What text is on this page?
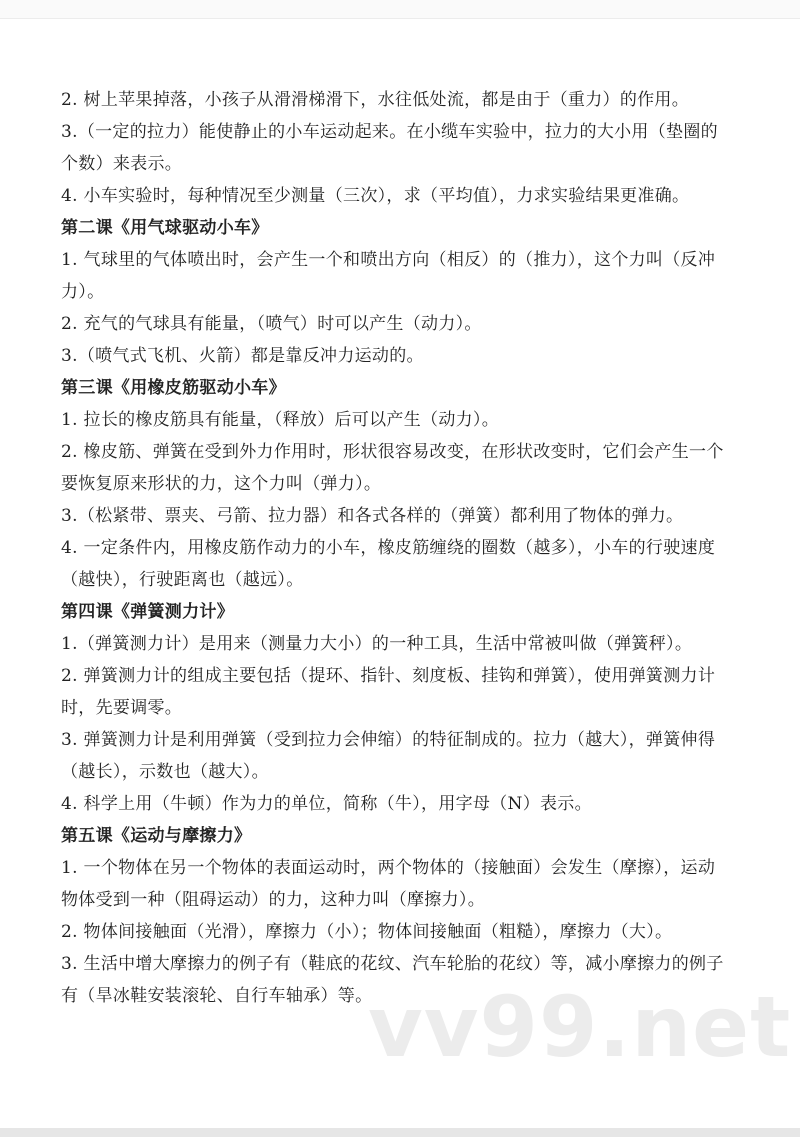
2. 树上苹果掉落，小孩子从滑滑梯滑下，水往低处流，都是由于（重力）的作用。
3.（一定的拉力）能使静止的小车运动起来。在小缆车实验中，拉力的大小用（垫圈的
个数）来表示。
4. 小车实验时，每种情况至少测量（三次），求（平均值），力求实验结果更准确。
第二课《用气球驱动小车》
1. 气球里的气体喷出时，会产生一个和喷出方向（相反）的（推力），这个力叫（反冲
力）。
2. 充气的气球具有能量，（喷气）时可以产生（动力）。
3.（喷气式飞机、火箭）都是靠反冲力运动的。
第三课《用橡皮筋驱动小车》
1. 拉长的橡皮筋具有能量，（释放）后可以产生（动力）。
2. 橡皮筋、弹簧在受到外力作用时，形状很容易改变，在形状改变时，它们会产生一个
要恢复原来形状的力，这个力叫（弹力）。
3.（松紧带、票夹、弓箭、拉力器）和各式各样的（弹簧）都利用了物体的弹力。
4. 一定条件内，用橡皮筋作动力的小车，橡皮筋缠绕的圈数（越多），小车的行驶速度
（越快），行驶距离也（越远）。
第四课《弹簧测力计》
1.（弹簧测力计）是用来（测量力大小）的一种工具，生活中常被叫做（弹簧秤）。
2. 弹簧测力计的组成主要包括（提环、指针、刻度板、挂钩和弹簧），使用弹簧测力计
时，先要调零。
3. 弹簧测力计是利用弹簧（受到拉力会伸缩）的特征制成的。拉力（越大），弹簧伸得
（越长），示数也（越大）。
4. 科学上用（牛顿）作为力的单位，简称（牛），用字母（N）表示。
第五课《运动与摩擦力》
1. 一个物体在另一个物体的表面运动时，两个物体的（接触面）会发生（摩擦），运动
物体受到一种（阻碍运动）的力，这种力叫（摩擦力）。
2. 物体间接触面（光滑），摩擦力（小）；物体间接触面（粗糙），摩擦力（大）。
3. 生活中增大摩擦力的例子有（鞋底的花纹、汽车轮胎的花纹）等，减小摩擦力的例子
有（旱冰鞋安装滚轮、自行车轴承）等。
vv99.net
